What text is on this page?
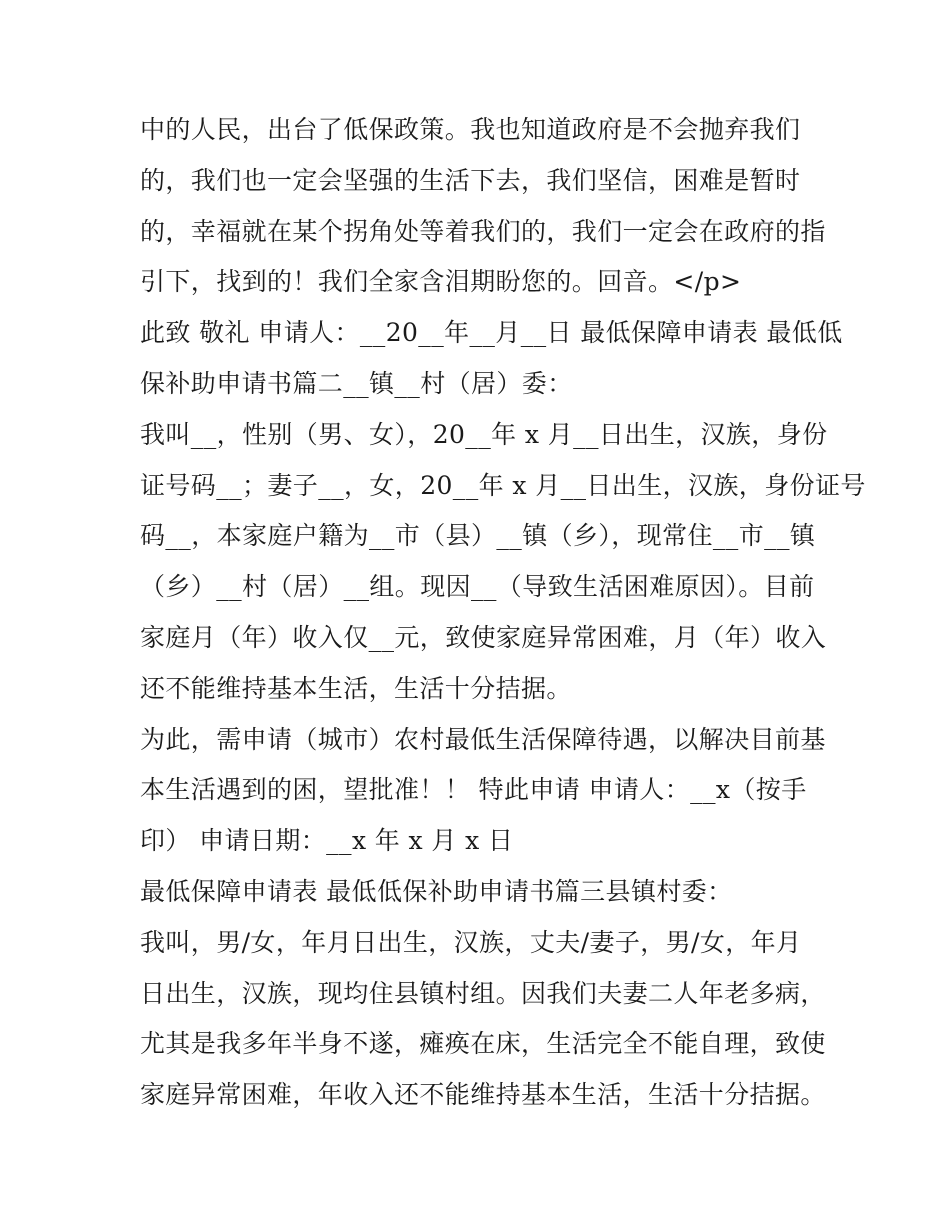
中的人民，出台了低保政策。我也知道政府是不会抛弃我们
的，我们也一定会坚强的生活下去，我们坚信，困难是暂时
的，幸福就在某个拐角处等着我们的，我们一定会在政府的指
引下，找到的！我们全家含泪期盼您的。回音。</p>
此致 敬礼 申请人：__20__年__月__日 最低保障申请表 最低低
保补助申请书篇二__镇__村（居）委：
我叫__，性别（男、女），20__年 x 月__日出生，汉族，身份
证号码__；妻子__，女，20__年 x 月__日出生，汉族，身份证号
码__，本家庭户籍为__市（县）__镇（乡），现常住__市__镇
（乡）__村（居）__组。现因__（导致生活困难原因）。目前
家庭月（年）收入仅__元，致使家庭异常困难，月（年）收入
还不能维持基本生活，生活十分拮据。
为此，需申请（城市）农村最低生活保障待遇，以解决目前基
本生活遇到的困，望批准！！ 特此申请 申请人：__x（按手
印） 申请日期：__x 年 x 月 x 日
最低保障申请表 最低低保补助申请书篇三县镇村委：
我叫，男/女，年月日出生，汉族，丈夫/妻子，男/女，年月
日出生，汉族，现均住县镇村组。因我们夫妻二人年老多病，
尤其是我多年半身不遂，瘫痪在床，生活完全不能自理，致使
家庭异常困难，年收入还不能维持基本生活，生活十分拮据。
